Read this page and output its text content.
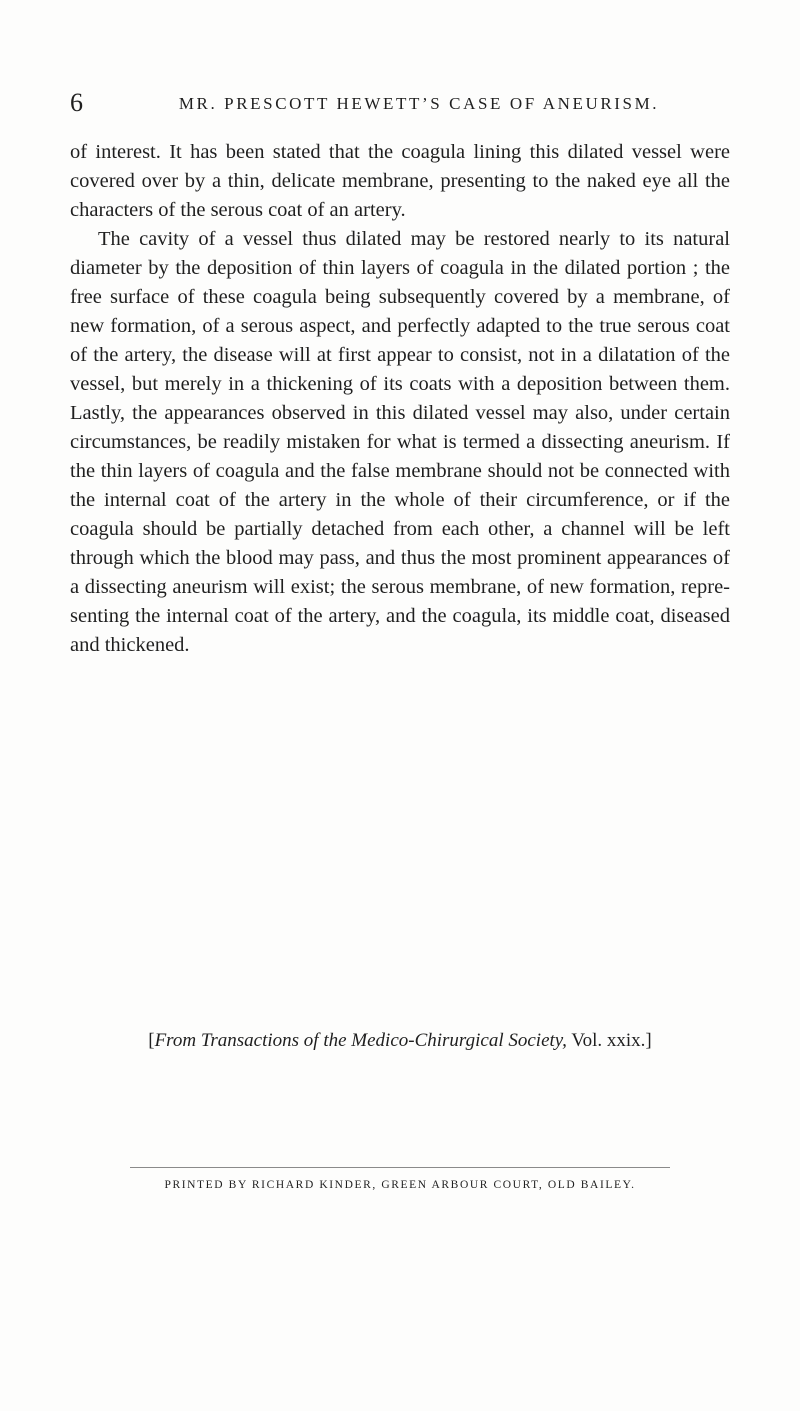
6	MR. PRESCOTT HEWETT’S CASE OF ANEURISM.

of interest. It has been stated that the coagula lining this dilated vessel were covered over by a thin, delicate membrane, presenting to the naked eye all the characters of the serous coat of an artery.

The cavity of a vessel thus dilated may be restored nearly to its natural diameter by the deposition of thin layers of coagula in the dilated portion ; the free surface of these coagula being subsequently covered by a membrane, of new formation, of a serous aspect, and perfectly adapted to the true serous coat of the artery, the disease will at first appear to consist, not in a dilatation of the vessel, but merely in a thickening of its coats with a deposition between them. Lastly, the appearances observed in this dilated vessel may also, under certain circumstances, be readily mistaken for what is termed a dissecting aneurism. If the thin layers of coagula and the false membrane should not be connected with the internal coat of the artery in the whole of their circumference, or if the coagula should be partially detached from each other, a channel will be left through which the blood may pass, and thus the most prominent appearances of a dissecting aneurism will exist; the serous membrane, of new formation, representing the internal coat of the artery, and the coagula, its middle coat, diseased and thickened.

[From Transactions of the Medico-Chirurgical Society, Vol. xxix.]
PRINTED BY RICHARD KINDER, GREEN ARBOUR COURT, OLD BAILEY.
